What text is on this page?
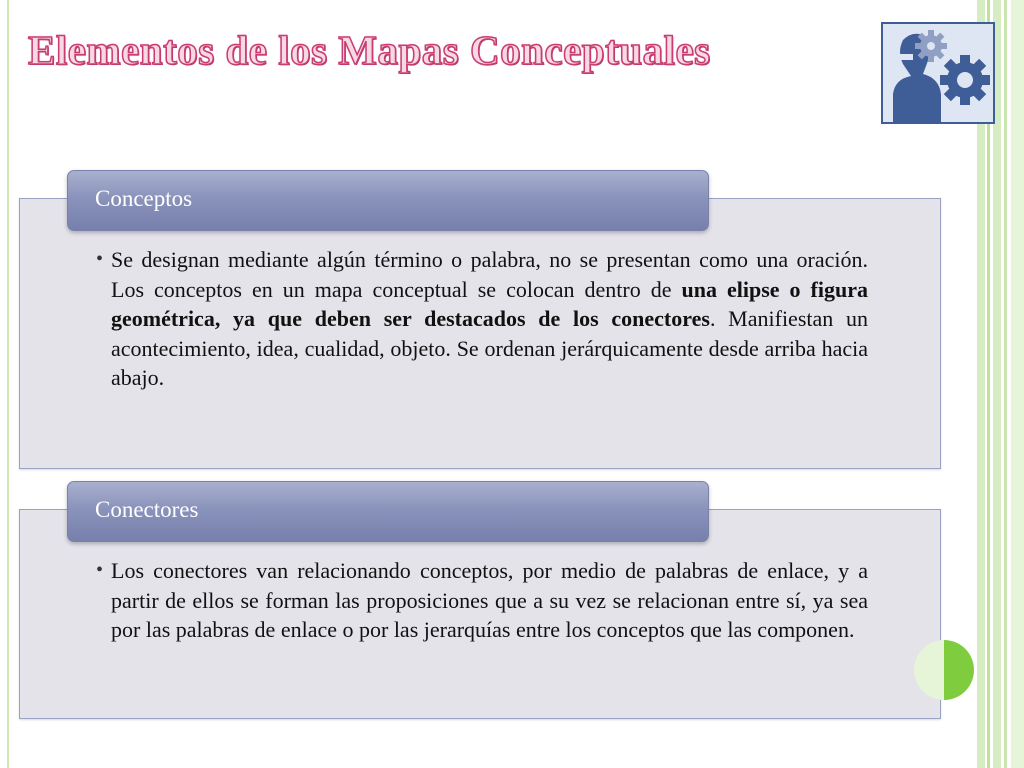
Elementos de los Mapas Conceptuales
Conceptos
• Se designan mediante algún término o palabra, no se presentan como una oración. Los conceptos en un mapa conceptual se colocan dentro de una elipse o figura geométrica, ya que deben ser destacados de los conectores. Manifiestan un acontecimiento, idea, cualidad, objeto. Se ordenan jerárquicamente desde arriba hacia abajo.
Conectores
• Los conectores van relacionando conceptos, por medio de palabras de enlace, y a partir de ellos se forman las proposiciones que a su vez se relacionan entre sí, ya sea por las palabras de enlace o por las jerarquías entre los conceptos que las componen.
